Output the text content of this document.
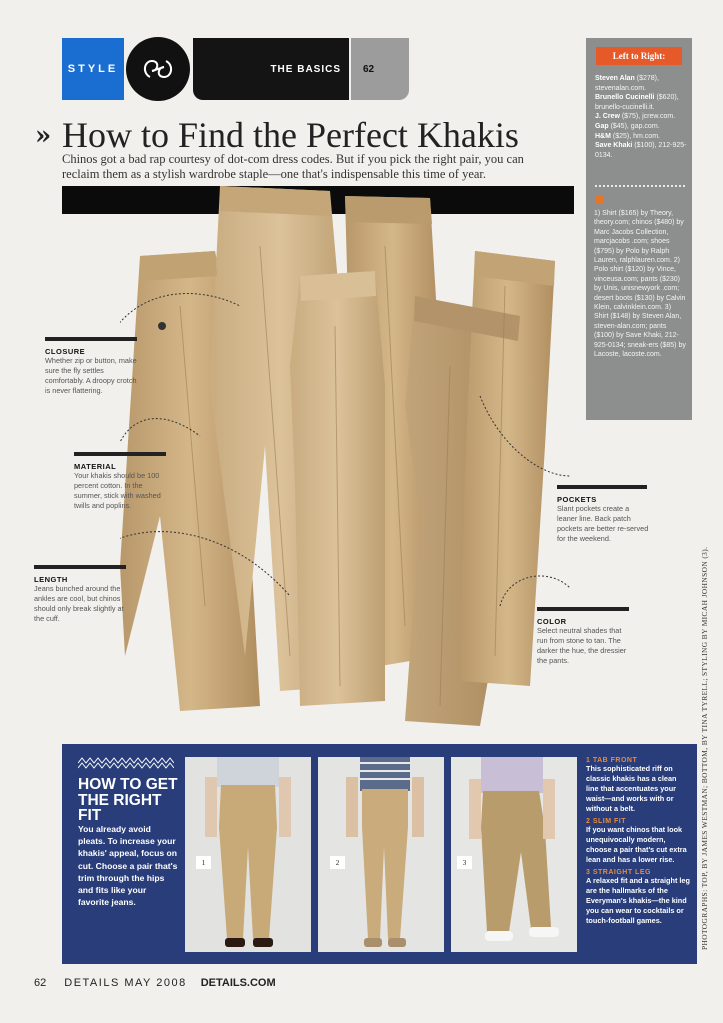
STYLE	THE BASICS 62
» How to Find the Perfect Khakis
Chinos got a bad rap courtesy of dot-com dress codes. But if you pick the right pair, you can reclaim them as a stylish wardrobe staple—one that's indispensable this time of year.
Left to Right:
Steven Alan ($278), stevenalan.com.
Brunello Cucinelli ($620), brunello-cucinelli.it.
J. Crew ($75), jcrew.com.
Gap ($45), gap.com.
H&M ($25), hm.com.
Save Khaki ($100), 212-925-0134.
1) Shirt ($165) by Theory, theory.com; chinos ($480) by Marc Jacobs Collection, marcjacobs .com; shoes ($795) by Polo by Ralph Lauren, ralphlauren.com. 2) Polo shirt ($120) by Vince, vinceusa.com; pants ($230) by Unis, unisnewyork .com; desert boots ($130) by Calvin Klein, calvinklein.com. 3) Shirt ($148) by Steven Alan, steven-alan.com; pants ($100) by Save Khaki, 212-925-0134; sneak-ers ($85) by Lacoste, lacoste.com.
CLOSURE
Whether zip or button, make sure the fly settles comfortably. A droopy crotch is never flattering.
MATERIAL
Your khakis should be 100 percent cotton. In the summer, stick with washed twills and poplins.
LENGTH
Jeans bunched around the ankles are cool, but chinos should only break slightly at the cuff.
POCKETS
Slant pockets create a leaner line. Back patch pockets are better re-served for the weekend.
COLOR
Select neutral shades that run from stone to tan. The darker the hue, the dressier the pants.
HOW TO GET THE RIGHT FIT
You already avoid pleats. To increase your khakis' appeal, focus on cut. Choose a pair that's trim through the hips and fits like your favorite jeans.
1	2	3
1 TAB FRONT
This sophisticated riff on classic khakis has a clean line that accentuates your waist—and works with or without a belt.
2 SLIM FIT
If you want chinos that look unequivocally modern, choose a pair that's cut extra lean and has a lower rise.
3 STRAIGHT LEG
A relaxed fit and a straight leg are the hallmarks of the Everyman's khakis—the kind you can wear to cocktails or touch-football games.
62 DETAILS MAY 2008 DETAILS.COM
PHOTOGRAPHS: TOP, BY JAMES WESTMAN; BOTTOM, BY TINA TYRELL; STYLING BY MICAH JOHNSON (3).
